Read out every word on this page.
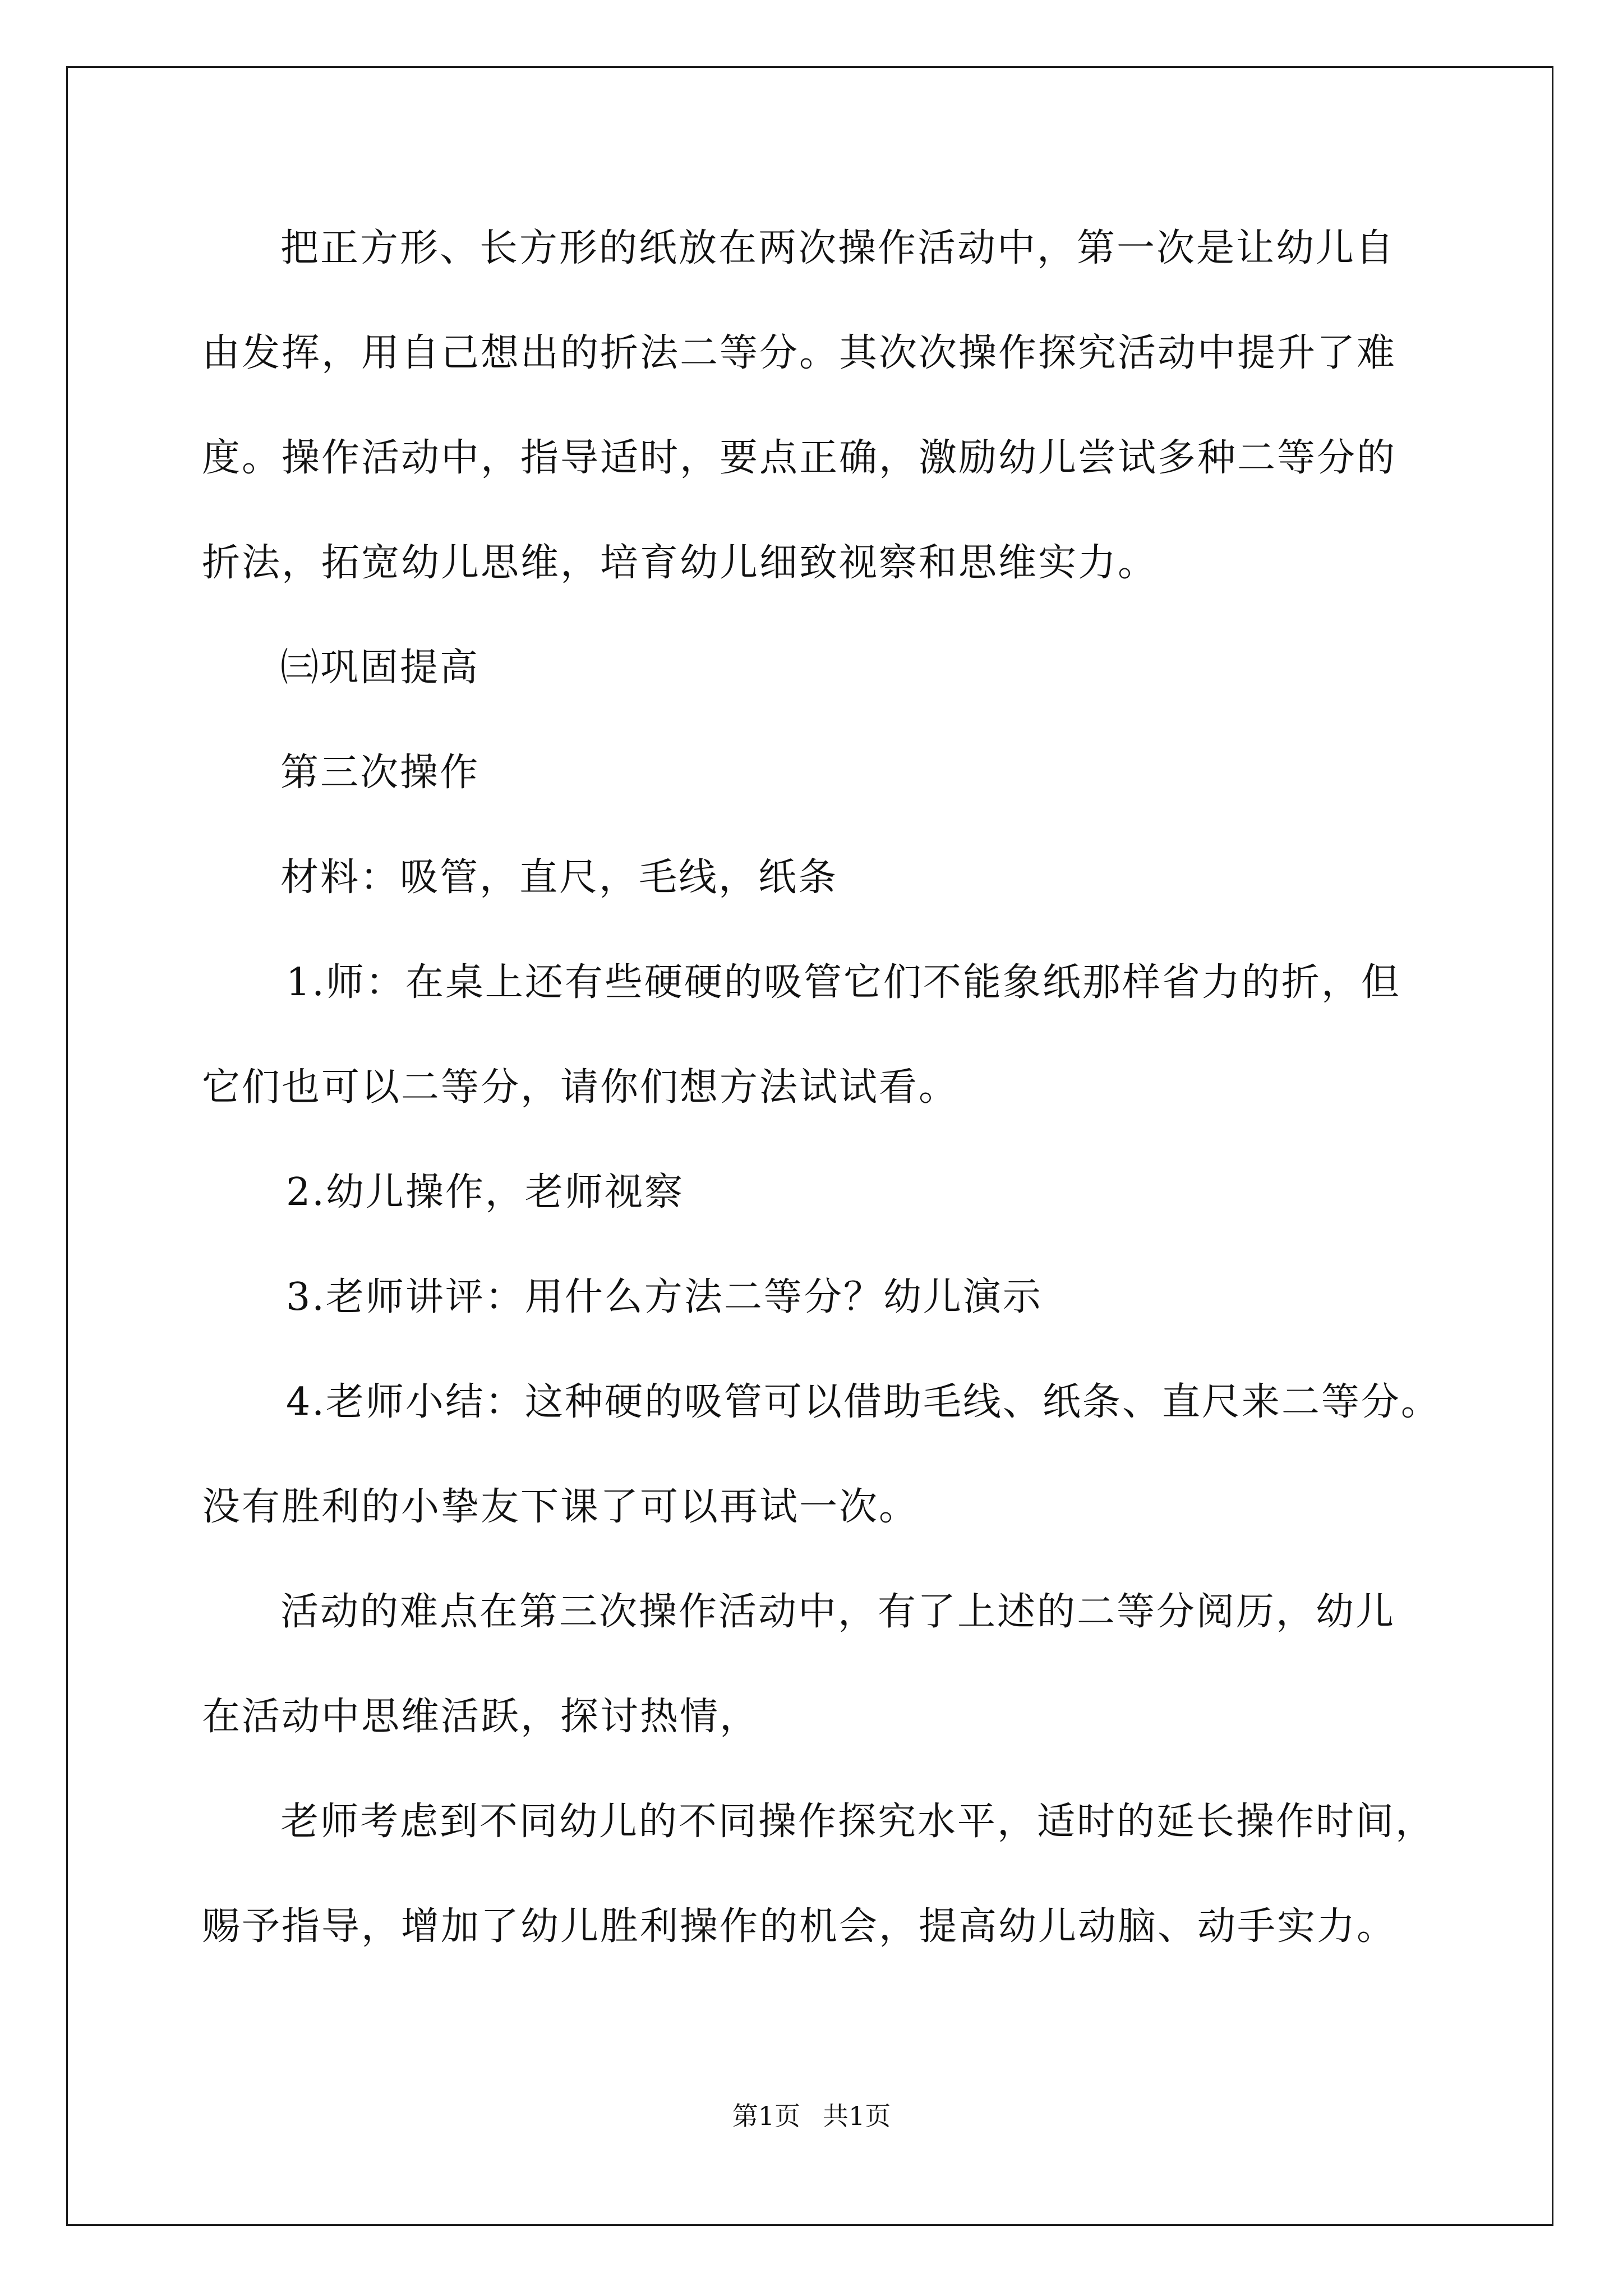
把正方形、长方形的纸放在两次操作活动中，第一次是让幼儿自
由发挥，用自己想出的折法二等分。其次次操作探究活动中提升了难
度。操作活动中，指导适时，要点正确，激励幼儿尝试多种二等分的
折法，拓宽幼儿思维，培育幼儿细致视察和思维实力。
㈢巩固提高
第三次操作
材料：吸管，直尺，毛线，纸条
1.师：在桌上还有些硬硬的吸管它们不能象纸那样省力的折，但
它们也可以二等分，请你们想方法试试看。
2.幼儿操作，老师视察
3.老师讲评：用什么方法二等分？幼儿演示
4.老师小结：这种硬的吸管可以借助毛线、纸条、直尺来二等分。
没有胜利的小挚友下课了可以再试一次。
活动的难点在第三次操作活动中，有了上述的二等分阅历，幼儿
在活动中思维活跃，探讨热情，
老师考虑到不同幼儿的不同操作探究水平，适时的延长操作时间，
赐予指导，增加了幼儿胜利操作的机会，提高幼儿动脑、动手实力。
第1页 共1页
